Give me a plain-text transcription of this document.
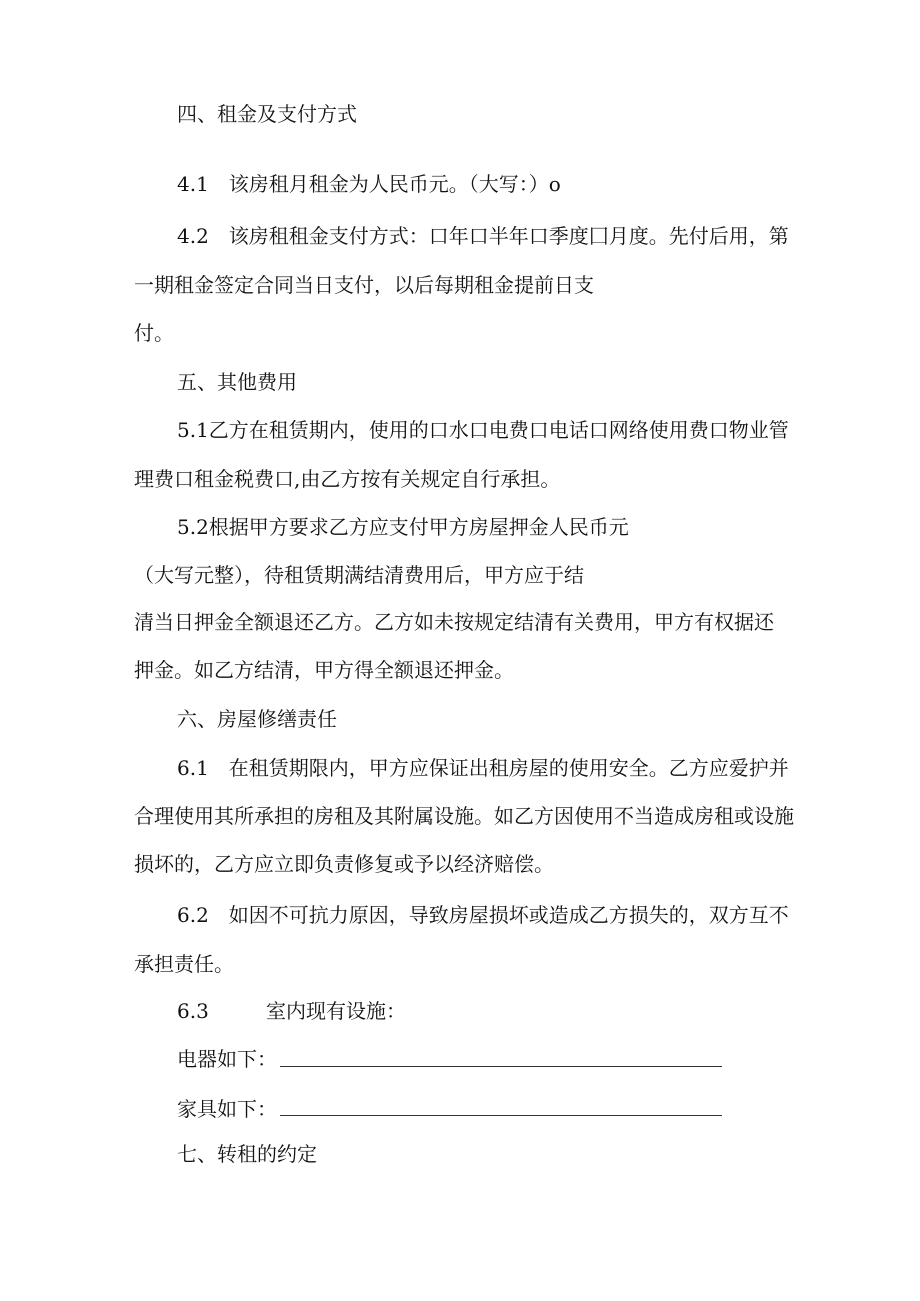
四、租金及支付方式
4.1　该房租月租金为人民币元。（大写：）o
4.2　该房租租金支付方式：口年口半年口季度囗月度。先付后用，第
一期租金签定合同当日支付，以后每期租金提前日支
付。
五、其他费用
5.1乙方在租赁期内，使用的口水口电费口电话口网络使用费口物业管
理费口租金税费口,由乙方按有关规定自行承担。
5.2根据甲方要求乙方应支付甲方房屋押金人民币元
（大写元整），待租赁期满结清费用后，甲方应于结
清当日押金全额退还乙方。乙方如未按规定结清有关费用，甲方有权据还
押金。如乙方结清，甲方得全额退还押金。
六、房屋修缮责任
6.1　在租赁期限内，甲方应保证出租房屋的使用安全。乙方应爱护并
合理使用其所承担的房租及其附属设施。如乙方因使用不当造成房租或设施
损坏的，乙方应立即负责修复或予以经济赔偿。
6.2　如因不可抗力原因，导致房屋损坏或造成乙方损失的，双方互不
承担责任。
6.3	室内现有设施：
电器如下：
家具如下：
七、转租的约定
